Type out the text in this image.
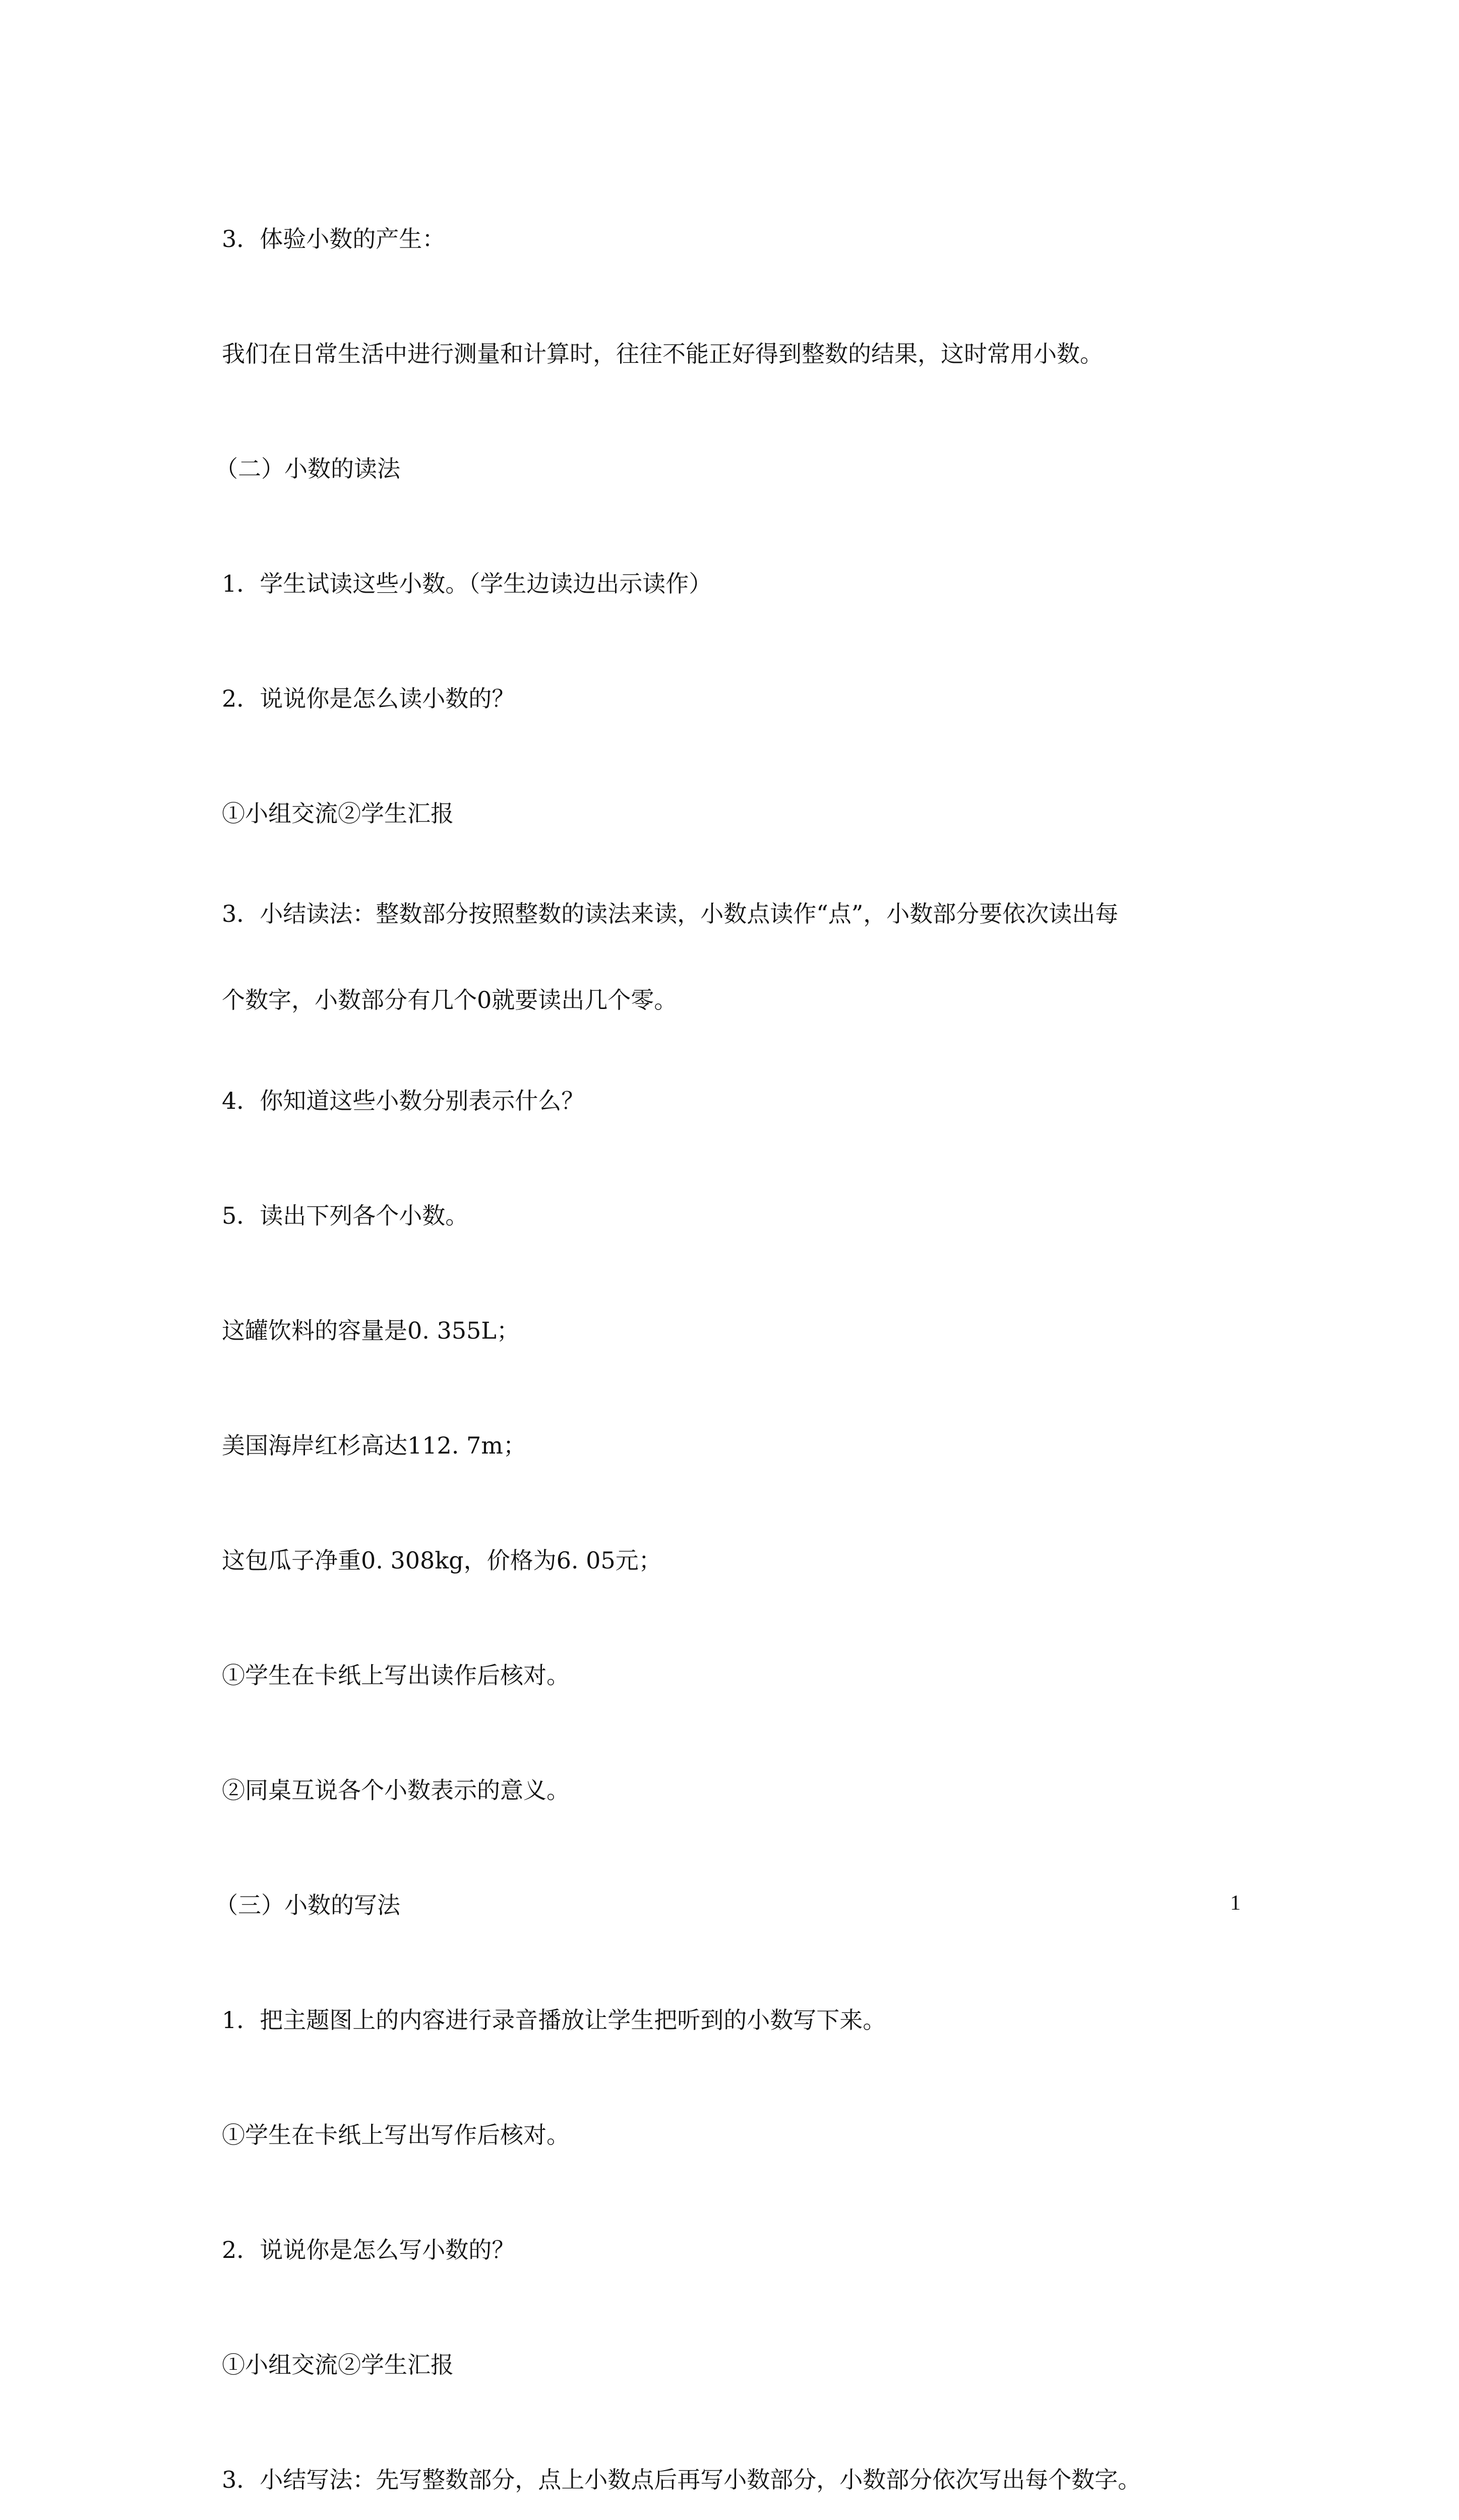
3．体验小数的产生：
我们在日常生活中进行测量和计算时，往往不能正好得到整数的结果，这时常用小数。
（二）小数的读法
1．学生试读这些小数。（学生边读边出示读作）
2．说说你是怎么读小数的？
①小组交流②学生汇报
3．小结读法：整数部分按照整数的读法来读，小数点读作“点”，小数部分要依次读出每
个数字，小数部分有几个0就要读出几个零。
4．你知道这些小数分别表示什么？
5．读出下列各个小数。
这罐饮料的容量是0. 355L；
美国海岸红杉高达112. 7m；
这包瓜子净重0. 308kg，价格为6. 05元；
①学生在卡纸上写出读作后核对。
②同桌互说各个小数表示的意义。
（三）小数的写法
1．把主题图上的内容进行录音播放让学生把听到的小数写下来。
①学生在卡纸上写出写作后核对。
2．说说你是怎么写小数的？
①小组交流②学生汇报
3．小结写法：先写整数部分，点上小数点后再写小数部分，小数部分依次写出每个数字。
1
